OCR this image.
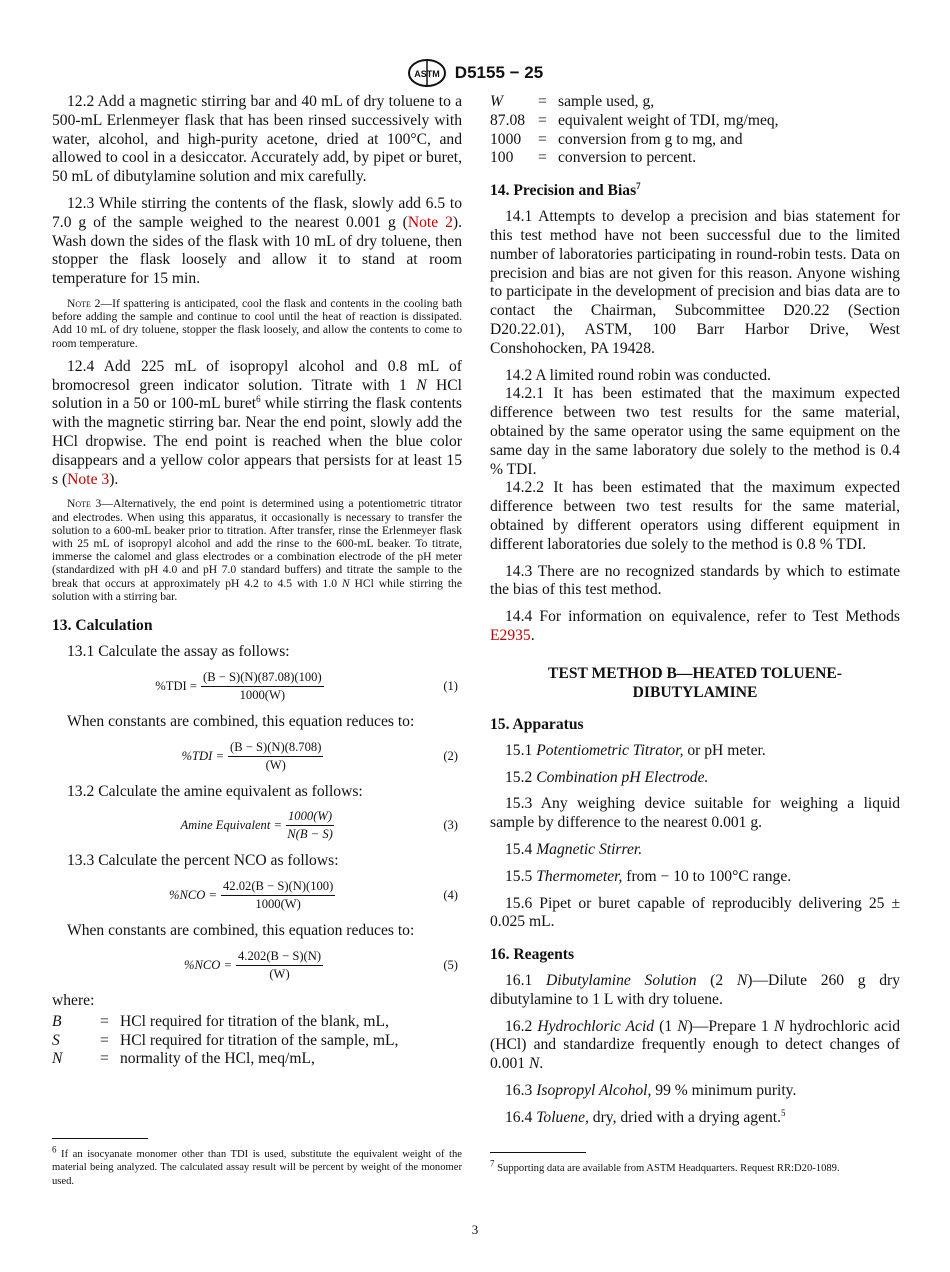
ASTM D5155 − 25

12.2 Add a magnetic stirring bar and 40 mL of dry toluene to a 500-mL Erlenmeyer flask that has been rinsed successively with water, alcohol, and high-purity acetone, dried at 100°C, and allowed to cool in a desiccator. Accurately add, by pipet or buret, 50 mL of dibutylamine solution and mix carefully.

12.3 While stirring the contents of the flask, slowly add 6.5 to 7.0 g of the sample weighed to the nearest 0.001 g (Note 2). Wash down the sides of the flask with 10 mL of dry toluene, then stopper the flask loosely and allow it to stand at room temperature for 15 min.

Note 2—If spattering is anticipated, cool the flask and contents in the cooling bath before adding the sample and continue to cool until the heat of reaction is dissipated. Add 10 mL of dry toluene, stopper the flask loosely, and allow the contents to come to room temperature.

12.4 Add 225 mL of isopropyl alcohol and 0.8 mL of bromocresol green indicator solution. Titrate with 1 N HCl solution in a 50 or 100-mL buret$^6$ while stirring the flask contents with the magnetic stirring bar. Near the end point, slowly add the HCl dropwise. The end point is reached when the blue color disappears and a yellow color appears that persists for at least 15 s (Note 3).

Note 3—Alternatively, the end point is determined using a potentiometric titrator and electrodes. When using this apparatus, it occasionally is necessary to transfer the solution to a 600-mL beaker prior to titration. After transfer, rinse the Erlenmeyer flask with 25 mL of isopropyl alcohol and add the rinse to the 600-mL beaker. To titrate, immerse the calomel and glass electrodes or a combination electrode of the pH meter (standardized with pH 4.0 and pH 7.0 standard buffers) and titrate the sample to the break that occurs at approximately pH 4.2 to 4.5 with 1.0 N HCl while stirring the solution with a stirring bar.
13. Calculation

13.1 Calculate the assay as follows:

$\%TDI = \frac{(B - S)(N)(87.08)(100)}{1000(W)}$	(1)

When constants are combined, this equation reduces to:

$\%TDI = \frac{(B - S)(N)(8.708)}{(W)}$	(2)

13.2 Calculate the amine equivalent as follows:

Amine Equivalent = $\frac{1000(W)}{N(B - S)}$	(3)

13.3 Calculate the percent NCO as follows:

$\%NCO = \frac{42.02(B - S)(N)(100)}{1000(W)}$	(4)

When constants are combined, this equation reduces to:

$\%NCO = \frac{4.202(B - S)(N)}{(W)}$	(5)

where:

B	= HCl required for titration of the blank, mL,
S	= HCl required for titration of the sample, mL,
N	= normality of the HCl, meq/mL,
$^6$ If an isocyanate monomer other than TDI is used, substitute the equivalent weight of the material being analyzed. The calculated assay result will be percent by weight of the monomer used.
W	= sample used, g,
87.08 = equivalent weight of TDI, mg/meq,
1000	= conversion from g to mg, and
100	= conversion to percent.
14. Precision and Bias$^7$

14.1 Attempts to develop a precision and bias statement for this test method have not been successful due to the limited number of laboratories participating in round-robin tests. Data on precision and bias are not given for this reason. Anyone wishing to participate in the development of precision and bias data are to contact the Chairman, Subcommittee D20.22 (Section D20.22.01), ASTM, 100 Barr Harbor Drive, West Conshohocken, PA 19428.

14.2 A limited round robin was conducted.

14.2.1 It has been estimated that the maximum expected difference between two test results for the same material, obtained by the same operator using the same equipment on the same day in the same laboratory due solely to the method is 0.4 % TDI.

14.2.2 It has been estimated that the maximum expected difference between two test results for the same material, obtained by different operators using different equipment in different laboratories due solely to the method is 0.8 % TDI.

14.3 There are no recognized standards by which to estimate the bias of this test method.

14.4 For information on equivalence, refer to Test Methods E2935.

TEST METHOD B—HEATED TOLUENE-DIBUTYLAMINE
15. Apparatus

15.1 Potentiometric Titrator, or pH meter.

15.2 Combination pH Electrode.

15.3 Any weighing device suitable for weighing a liquid sample by difference to the nearest 0.001 g.

15.4 Magnetic Stirrer.

15.5 Thermometer, from − 10 to 100°C range.

15.6 Pipet or buret capable of reproducibly delivering 25 ± 0.025 mL.

16. Reagents

16.1 Dibutylamine Solution (2 N)—Dilute 260 g dry dibutylamine to 1 L with dry toluene.

16.2 Hydrochloric Acid (1 N)—Prepare 1 N hydrochloric acid (HCl) and standardize frequently enough to detect changes of 0.001 N.

16.3 Isopropyl Alcohol, 99 % minimum purity.

16.4 Toluene, dry, dried with a drying agent.$^5$

$^7$ Supporting data are available from ASTM Headquarters. Request RR:D20-1089.
3
